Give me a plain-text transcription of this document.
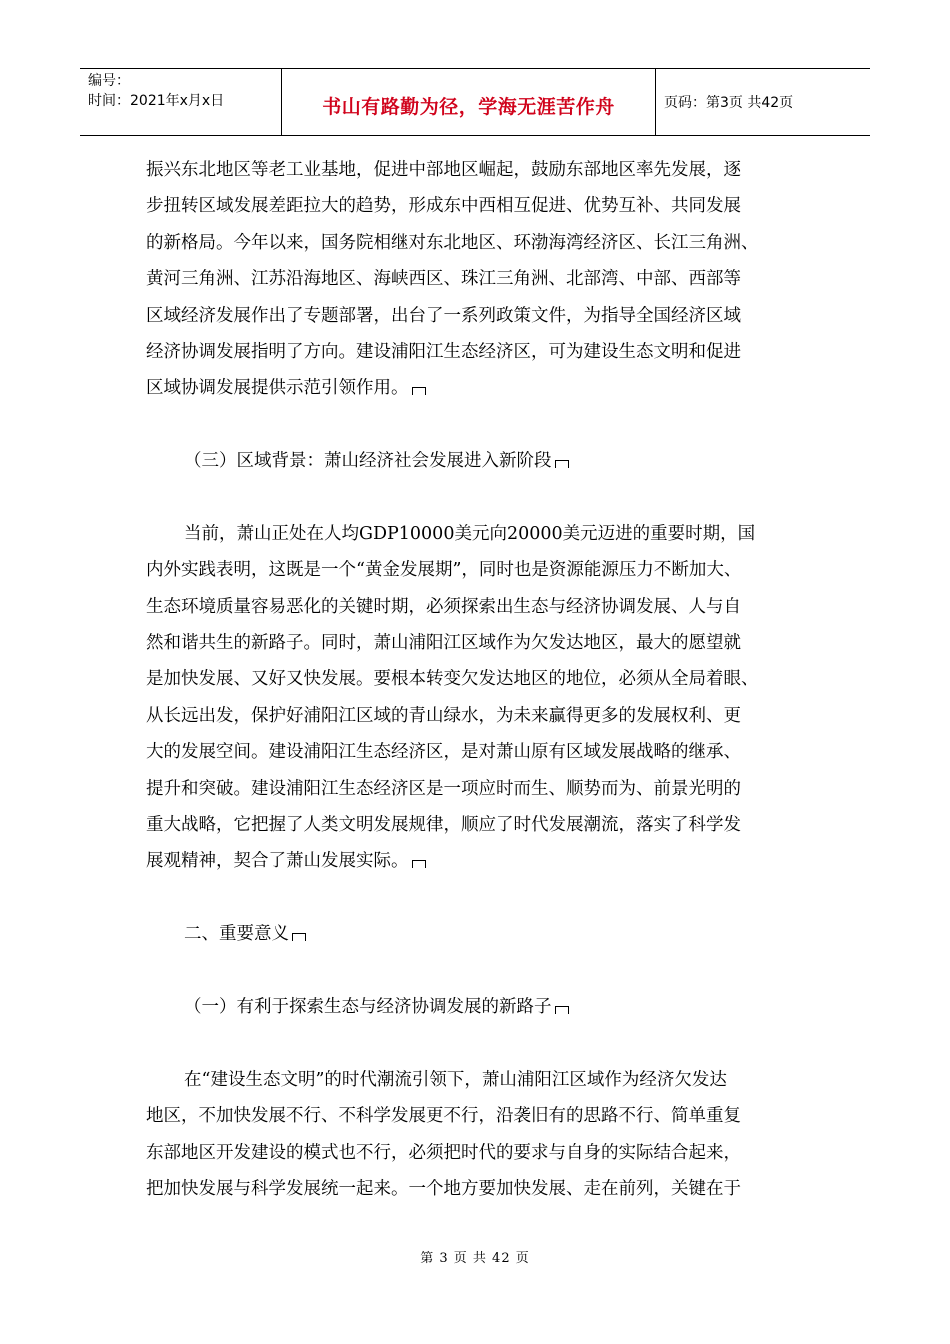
编号：
时间：2021年x月x日	书山有路勤为径，学海无涯苦作舟	页码：第3页 共42页
振兴东北地区等老工业基地，促进中部地区崛起，鼓励东部地区率先发展，逐
步扭转区域发展差距拉大的趋势，形成东中西相互促进、优势互补、共同发展
的新格局。今年以来，国务院相继对东北地区、环渤海湾经济区、长江三角洲、
黄河三角洲、江苏沿海地区、海峡西区、珠江三角洲、北部湾、中部、西部等
区域经济发展作出了专题部署，出台了一系列政策文件，为指导全国经济区域
经济协调发展指明了方向。建设浦阳江生态经济区，可为建设生态文明和促进
区域协调发展提供示范引领作用。
（三）区域背景：萧山经济社会发展进入新阶段
当前，萧山正处在人均GDP10000美元向20000美元迈进的重要时期，国
内外实践表明，这既是一个“黄金发展期”，同时也是资源能源压力不断加大、
生态环境质量容易恶化的关键时期，必须探索出生态与经济协调发展、人与自
然和谐共生的新路子。同时，萧山浦阳江区域作为欠发达地区，最大的愿望就
是加快发展、又好又快发展。要根本转变欠发达地区的地位，必须从全局着眼、
从长远出发，保护好浦阳江区域的青山绿水，为未来赢得更多的发展权利、更
大的发展空间。建设浦阳江生态经济区，是对萧山原有区域发展战略的继承、
提升和突破。建设浦阳江生态经济区是一项应时而生、顺势而为、前景光明的
重大战略，它把握了人类文明发展规律，顺应了时代发展潮流，落实了科学发
展观精神，契合了萧山发展实际。
二、重要意义
（一）有利于探索生态与经济协调发展的新路子
在“建设生态文明”的时代潮流引领下，萧山浦阳江区域作为经济欠发达
地区，不加快发展不行、不科学发展更不行，沿袭旧有的思路不行、简单重复
东部地区开发建设的模式也不行，必须把时代的要求与自身的实际结合起来，
把加快发展与科学发展统一起来。一个地方要加快发展、走在前列，关键在于
第 3 页 共 42 页
